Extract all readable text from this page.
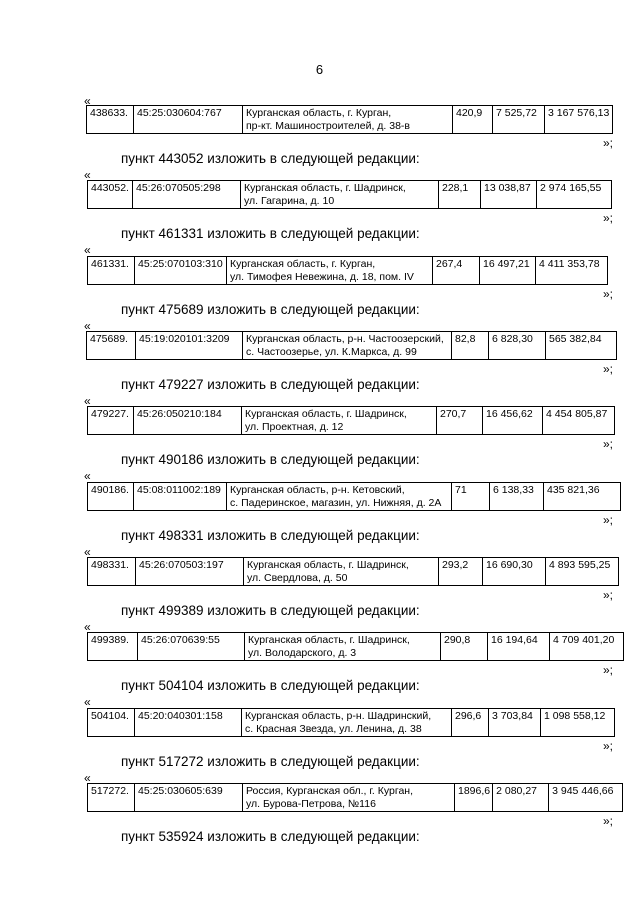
6
«
438633.	45:25:030604:767	Курганская область, г. Курган,
пр-кт. Машиностроителей, д. 38-в	420,9	7 525,72	3 167 576,13
»;
пункт 443052 изложить в следующей редакции:
«
443052.	45:26:070505:298	Курганская область, г. Шадринск,
ул. Гагарина, д. 10	228,1	13 038,87	2 974 165,55
»;
пункт 461331 изложить в следующей редакции:
«
461331.	45:25:070103:310	Курганская область, г. Курган,
ул. Тимофея Невежина, д. 18, пом. IV	267,4	16 497,21	4 411 353,78
»;
пункт 475689 изложить в следующей редакции:
«
475689.	45:19:020101:3209	Курганская область, р-н. Частоозерский,
с. Частоозерье, ул. К.Маркса, д. 99	82,8	6 828,30	565 382,84
»;
пункт 479227 изложить в следующей редакции:
«
479227.	45:26:050210:184	Курганская область, г. Шадринск,
ул. Проектная, д. 12	270,7	16 456,62	4 454 805,87
»;
пункт 490186 изложить в следующей редакции:
«
490186.	45:08:011002:189	Курганская область, р-н. Кетовский,
с. Падеринское, магазин, ул. Нижняя, д. 2А	71	6 138,33	435 821,36
»;
пункт 498331 изложить в следующей редакции:
«
498331.	45:26:070503:197	Курганская область, г. Шадринск,
ул. Свердлова, д. 50	293,2	16 690,30	4 893 595,25
»;
пункт 499389 изложить в следующей редакции:
«
499389.	45:26:070639:55	Курганская область, г. Шадринск,
ул. Володарского, д. 3	290,8	16 194,64	4 709 401,20
»;
пункт 504104 изложить в следующей редакции:
«
504104.	45:20:040301:158	Курганская область, р-н. Шадринский,
с. Красная Звезда, ул. Ленина, д. 38	296,6	3 703,84	1 098 558,12
»;
пункт 517272 изложить в следующей редакции:
«
517272.	45:25:030605:639	Россия, Курганская обл., г. Курган,
ул. Бурова-Петрова, №116	1896,6	2 080,27	3 945 446,66
»;
пункт 535924 изложить в следующей редакции:
